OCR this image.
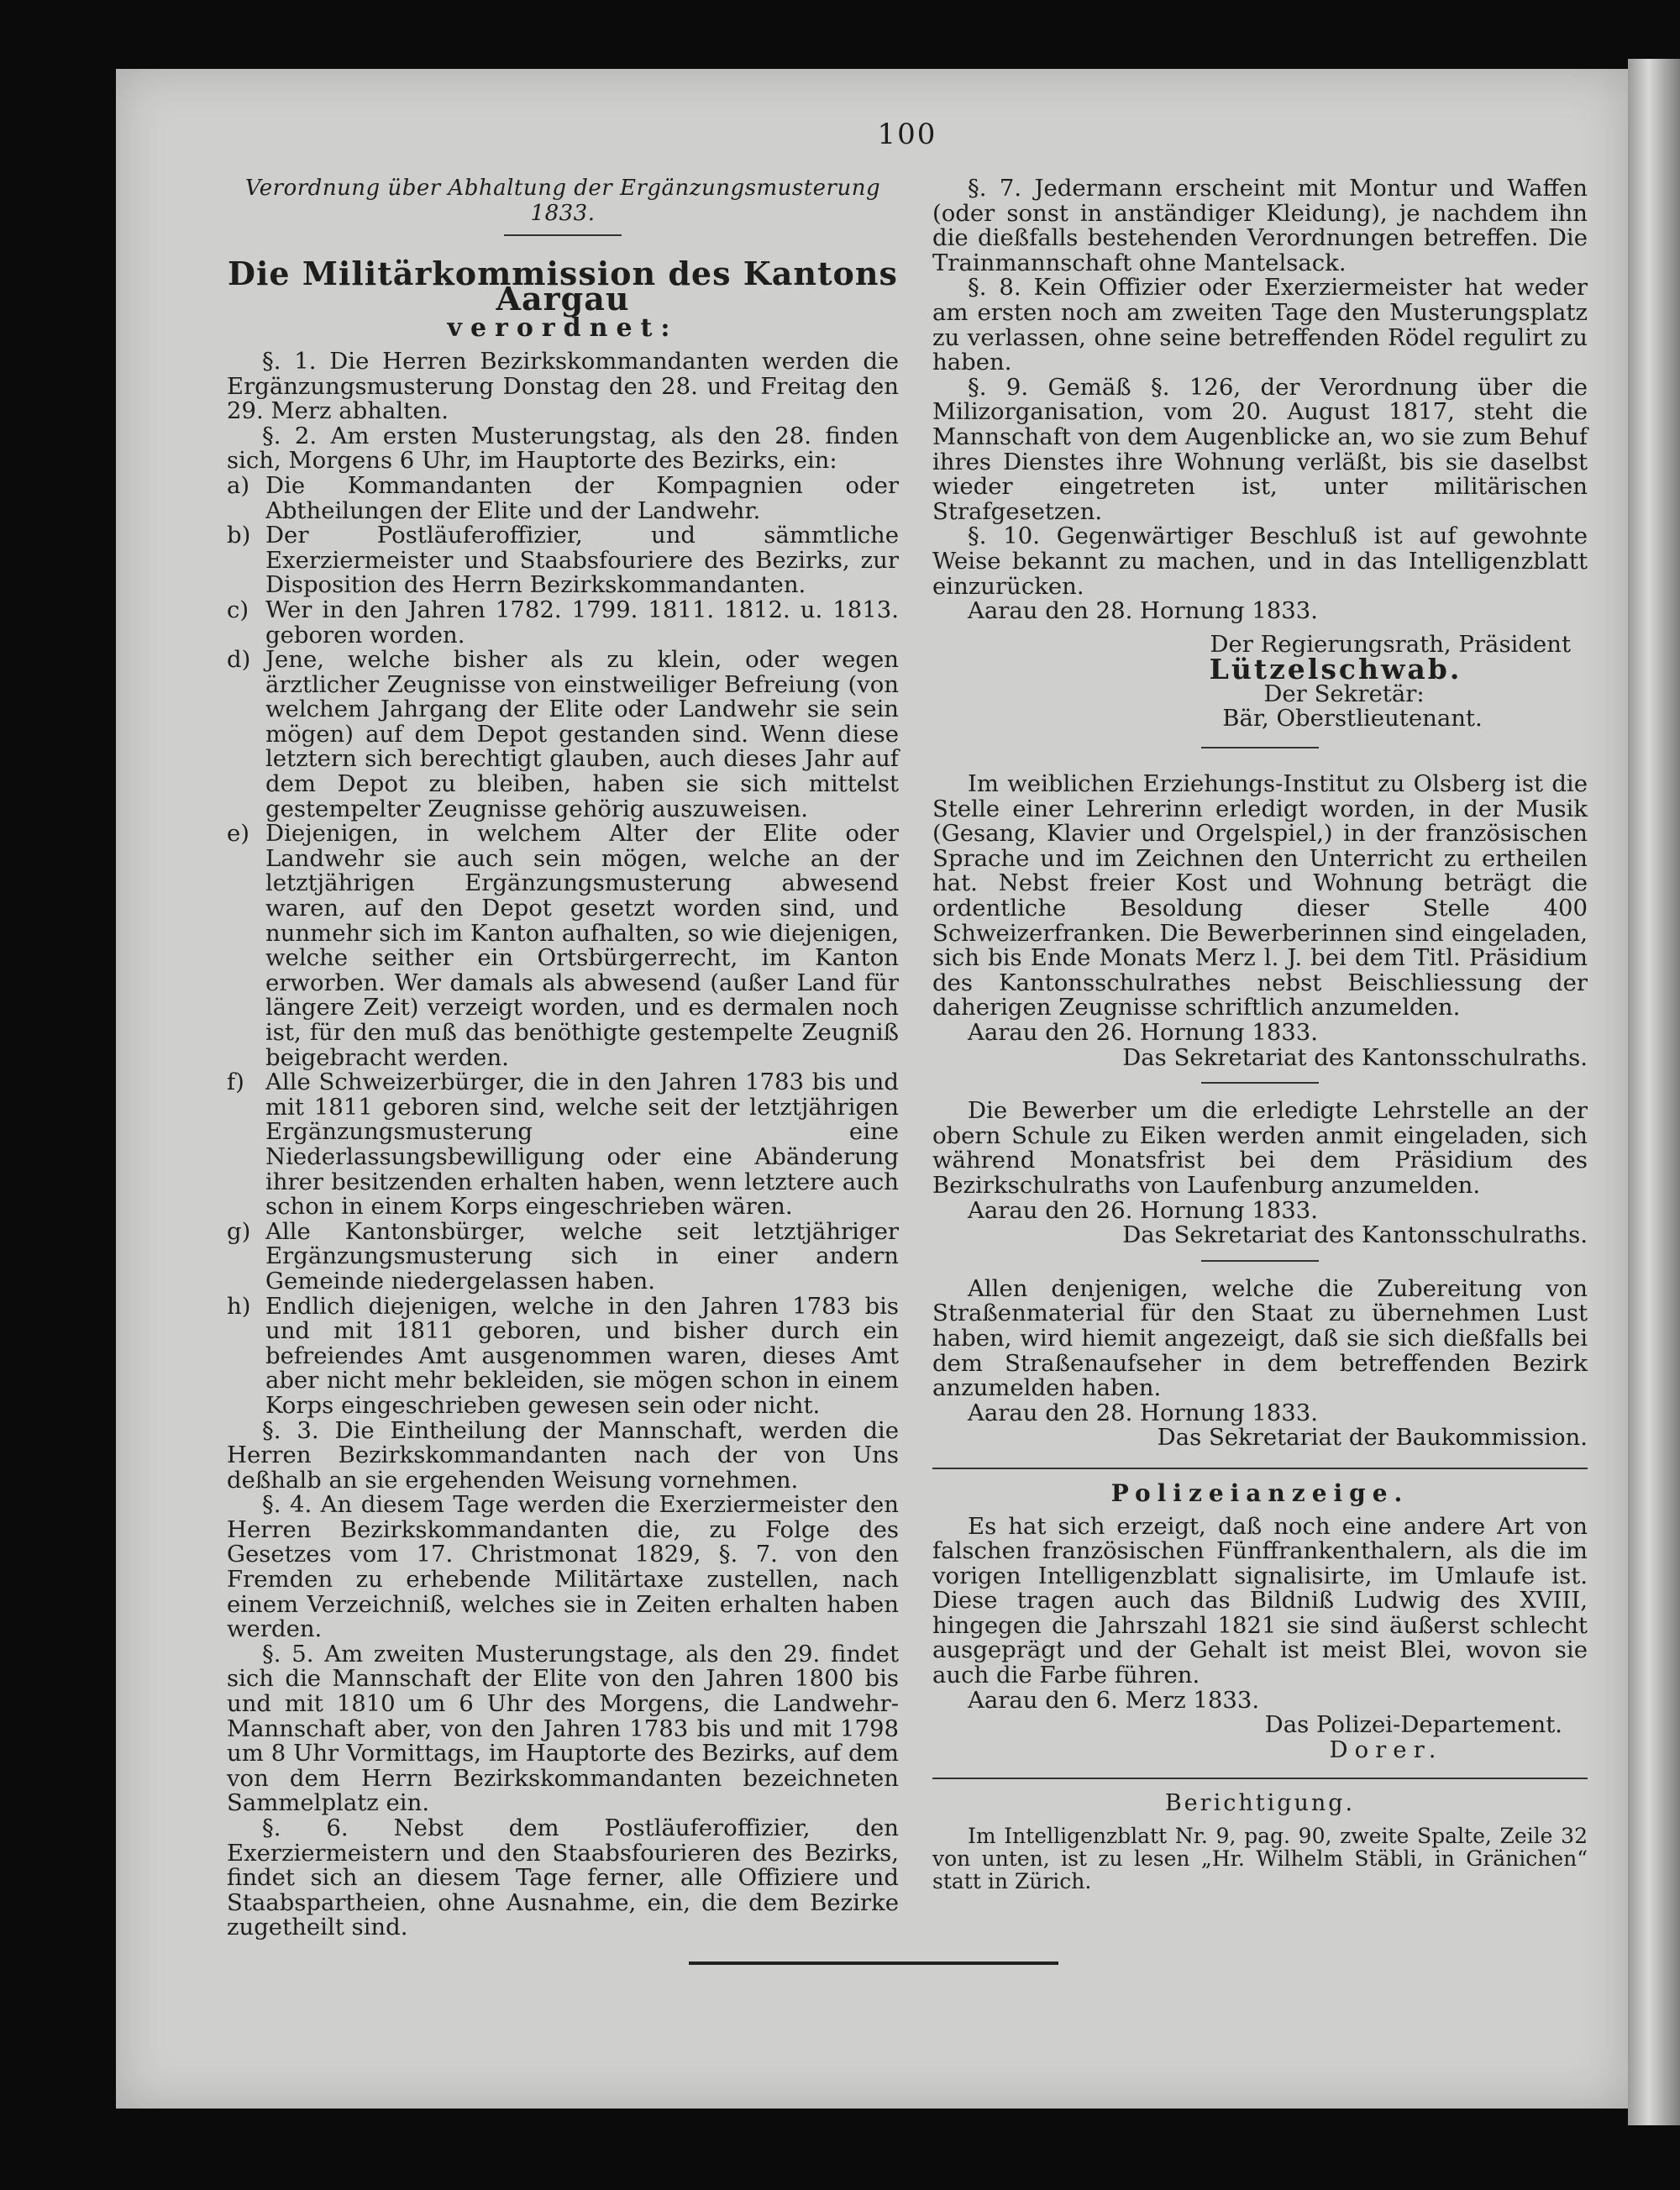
100

Verordnung über Abhaltung der Ergänzungsmusterung 1833.

Die Militärkommission des Kantons Aargau

verordnet:

§. 1. Die Herren Bezirkskommandanten werden die Ergänzungsmusterung Donstag den 28. und Freitag den 29. Merz abhalten.

§. 2. Am ersten Musterungstag, als den 28. finden sich, Morgens 6 Uhr, im Hauptorte des Bezirks, ein:

a) Die Kommandanten der Kompagnien oder Abtheilungen der Elite und der Landwehr.
b) Der Postläuferoffizier, und sämmtliche Exerziermeister und Staabsfouriere des Bezirks, zur Disposition des Herrn Bezirkskommandanten.
c) Wer in den Jahren 1782. 1799. 1811. 1812. u. 1813. geboren worden.
d) Jene, welche bisher als zu klein, oder wegen ärztlicher Zeugnisse von einstweiliger Befreiung (von welchem Jahrgang der Elite oder Landwehr sie sein mögen) auf dem Depot gestanden sind. Wenn diese letztern sich berechtigt glauben, auch dieses Jahr auf dem Depot zu bleiben, haben sie sich mittelst gestempelter Zeugnisse gehörig auszuweisen.
e) Diejenigen, in welchem Alter der Elite oder Landwehr sie auch sein mögen, welche an der letztjährigen Ergänzungsmusterung abwesend waren, auf den Depot gesetzt worden sind, und nunmehr sich im Kanton aufhalten, so wie diejenigen, welche seither ein Ortsbürgerrecht, im Kanton erworben. Wer damals als abwesend (außer Land für längere Zeit) verzeigt worden, und es dermalen noch ist, für den muß das benöthigte gestempelte Zeugniß beigebracht werden.
f) Alle Schweizerbürger, die in den Jahren 1783 bis und mit 1811 geboren sind, welche seit der letztjährigen Ergänzungsmusterung eine Niederlassungsbewilligung oder eine Abänderung ihrer besitzenden erhalten haben, wenn letztere auch schon in einem Korps eingeschrieben wären.
g) Alle Kantonsbürger, welche seit letztjähriger Ergänzungsmusterung sich in einer andern Gemeinde niedergelassen haben.
h) Endlich diejenigen, welche in den Jahren 1783 bis und mit 1811 geboren, und bisher durch ein befreiendes Amt ausgenommen waren, dieses Amt aber nicht mehr bekleiden, sie mögen schon in einem Korps eingeschrieben gewesen sein oder nicht.

§. 3. Die Eintheilung der Mannschaft, werden die Herren Bezirkskommandanten nach der von Uns deßhalb an sie ergehenden Weisung vornehmen.

§. 4. An diesem Tage werden die Exerziermeister den Herren Bezirkskommandanten die, zu Folge des Gesetzes vom 17. Christmonat 1829, §. 7. von den Fremden zu erhebende Militärtaxe zustellen, nach einem Verzeichniß, welches sie in Zeiten erhalten haben werden.

§. 5. Am zweiten Musterungstage, als den 29. findet sich die Mannschaft der Elite von den Jahren 1800 bis und mit 1810 um 6 Uhr des Morgens, die Landwehr-Mannschaft aber, von den Jahren 1783 bis und mit 1798 um 8 Uhr Vormittags, im Hauptorte des Bezirks, auf dem von dem Herrn Bezirkskommandanten bezeichneten Sammelplatz ein.

§. 6. Nebst dem Postläuferoffizier, den Exerziermeistern und den Staabsfourieren des Bezirks, findet sich an diesem Tage ferner, alle Offiziere und Staabspartheien, ohne Ausnahme, ein, die dem Bezirke zugetheilt sind.

§. 7. Jedermann erscheint mit Montur und Waffen (oder sonst in anständiger Kleidung), je nachdem ihn die dießfalls bestehenden Verordnungen betreffen. Die Trainmannschaft ohne Mantelsack.

§. 8. Kein Offizier oder Exerziermeister hat weder am ersten noch am zweiten Tage den Musterungsplatz zu verlassen, ohne seine betreffenden Rödel regulirt zu haben.

§. 9. Gemäß §. 126, der Verordnung über die Milizorganisation, vom 20. August 1817, steht die Mannschaft von dem Augenblicke an, wo sie zum Behuf ihres Dienstes ihre Wohnung verläßt, bis sie daselbst wieder eingetreten ist, unter militärischen Strafgesetzen.

§. 10. Gegenwärtiger Beschluß ist auf gewohnte Weise bekannt zu machen, und in das Intelligenzblatt einzurücken.

Aarau den 28. Hornung 1833.

Der Regierungsrath, Präsident

Lützelschwab.

Der Sekretär:

Bär, Oberstlieutenant.

Im weiblichen Erziehungs-Institut zu Olsberg ist die Stelle einer Lehrerinn erledigt worden, in der Musik (Gesang, Klavier und Orgelspiel,) in der französischen Sprache und im Zeichnen den Unterricht zu ertheilen hat. Nebst freier Kost und Wohnung beträgt die ordentliche Besoldung dieser Stelle 400 Schweizerfranken. Die Bewerberinnen sind eingeladen, sich bis Ende Monats Merz l. J. bei dem Titl. Präsidium des Kantonsschulrathes nebst Beischliessung der daherigen Zeugnisse schriftlich anzumelden.

Aarau den 26. Hornung 1833.

Das Sekretariat des Kantonsschulraths.

Die Bewerber um die erledigte Lehrstelle an der obern Schule zu Eiken werden anmit eingeladen, sich während Monatsfrist bei dem Präsidium des Bezirkschulraths von Laufenburg anzumelden.

Aarau den 26. Hornung 1833.

Das Sekretariat des Kantonsschulraths.

Allen denjenigen, welche die Zubereitung von Straßenmaterial für den Staat zu übernehmen Lust haben, wird hiemit angezeigt, daß sie sich dießfalls bei dem Straßenaufseher in dem betreffenden Bezirk anzumelden haben.

Aarau den 28. Hornung 1833.

Das Sekretariat der Baukommission.

Polizeianzeige.

Es hat sich erzeigt, daß noch eine andere Art von falschen französischen Fünffrankenthalern, als die im vorigen Intelligenzblatt signalisirte, im Umlaufe ist. Diese tragen auch das Bildniß Ludwig des XVIII, hingegen die Jahrszahl 1821 sie sind äußerst schlecht ausgeprägt und der Gehalt ist meist Blei, wovon sie auch die Farbe führen.

Aarau den 6. Merz 1833.

Das Polizei-Departement.

Dorer.

Berichtigung.

Im Intelligenzblatt Nr. 9, pag. 90, zweite Spalte, Zeile 32 von unten, ist zu lesen „Hr. Wilhelm Stäbli, in Gränichen“ statt in Zürich.
